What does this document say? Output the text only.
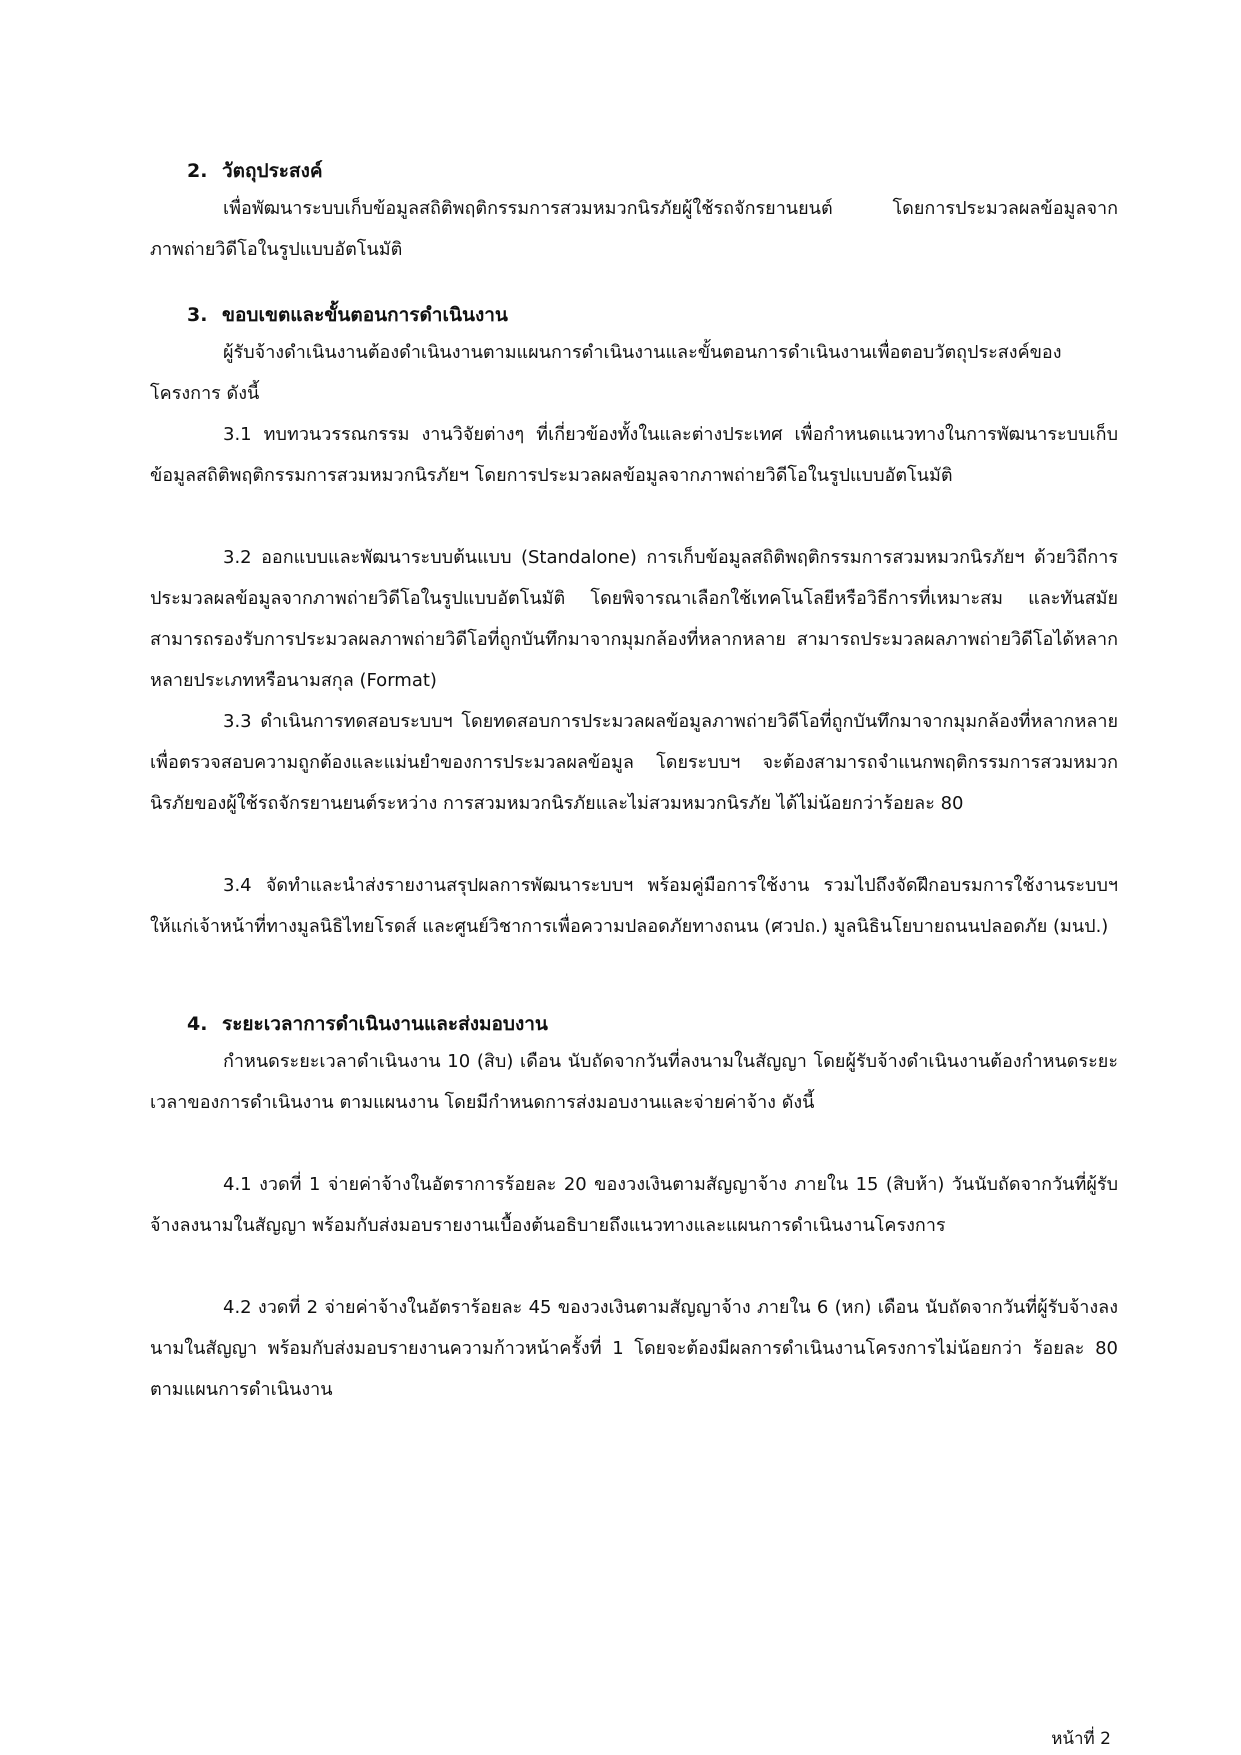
2. วัตถุประสงค์

เพื่อพัฒนาระบบเก็บข้อมูลสถิติพฤติกรรมการสวมหมวกนิรภัยผู้ใช้รถจักรยานยนต์ โดยการประมวลผลข้อมูลจากภาพถ่ายวิดีโอในรูปแบบอัตโนมัติ

3. ขอบเขตและขั้นตอนการดำเนินงาน

ผู้รับจ้างดำเนินงานต้องดำเนินงานตามแผนการดำเนินงานและขั้นตอนการดำเนินงานเพื่อตอบวัตถุประสงค์ของโครงการ ดังนี้

3.1 ทบทวนวรรณกรรม งานวิจัยต่างๆ ที่เกี่ยวข้องทั้งในและต่างประเทศ เพื่อกำหนดแนวทางในการพัฒนาระบบเก็บข้อมูลสถิติพฤติกรรมการสวมหมวกนิรภัยฯ โดยการประมวลผลข้อมูลจากภาพถ่ายวิดีโอในรูปแบบอัตโนมัติ

3.2 ออกแบบและพัฒนาระบบต้นแบบ (Standalone) การเก็บข้อมูลสถิติพฤติกรรมการสวมหมวกนิรภัยฯ ด้วยวิถีการประมวลผลข้อมูลจากภาพถ่ายวิดีโอในรูปแบบอัตโนมัติ โดยพิจารณาเลือกใช้เทคโนโลยีหรือวิธีการที่เหมาะสม และทันสมัย สามารถรองรับการประมวลผลภาพถ่ายวิดีโอที่ถูกบันทึกมาจากมุมกล้องที่หลากหลาย สามารถประมวลผลภาพถ่ายวิดีโอได้หลากหลายประเภทหรือนามสกุล (Format)

3.3 ดำเนินการทดสอบระบบฯ โดยทดสอบการประมวลผลข้อมูลภาพถ่ายวิดีโอที่ถูกบันทึกมาจากมุมกล้องที่หลากหลาย เพื่อตรวจสอบความถูกต้องและแม่นยำของการประมวลผลข้อมูล โดยระบบฯ จะต้องสามารถจำแนกพฤติกรรมการสวมหมวกนิรภัยของผู้ใช้รถจักรยานยนต์ระหว่าง การสวมหมวกนิรภัยและไม่สวมหมวกนิรภัย ได้ไม่น้อยกว่าร้อยละ 80

3.4 จัดทำและนำส่งรายงานสรุปผลการพัฒนาระบบฯ พร้อมคู่มือการใช้งาน รวมไปถึงจัดฝึกอบรมการใช้งานระบบฯ ให้แก่เจ้าหน้าที่ทางมูลนิธิไทยโรดส์ และศูนย์วิชาการเพื่อความปลอดภัยทางถนน (ศวปถ.) มูลนิธินโยบายถนนปลอดภัย (มนป.)

4. ระยะเวลาการดำเนินงานและส่งมอบงาน

กำหนดระยะเวลาดำเนินงาน 10 (สิบ) เดือน นับถัดจากวันที่ลงนามในสัญญา โดยผู้รับจ้างดำเนินงานต้องกำหนดระยะเวลาของการดำเนินงาน ตามแผนงาน โดยมีกำหนดการส่งมอบงานและจ่ายค่าจ้าง ดังนี้

4.1 งวดที่ 1 จ่ายค่าจ้างในอัตราการร้อยละ 20 ของวงเงินตามสัญญาจ้าง ภายใน 15 (สิบห้า) วันนับถัดจากวันที่ผู้รับจ้างลงนามในสัญญา พร้อมกับส่งมอบรายงานเบื้องต้นอธิบายถึงแนวทางและแผนการดำเนินงานโครงการ

4.2 งวดที่ 2 จ่ายค่าจ้างในอัตราร้อยละ 45 ของวงเงินตามสัญญาจ้าง ภายใน 6 (หก) เดือน นับถัดจากวันที่ผู้รับจ้างลงนามในสัญญา พร้อมกับส่งมอบรายงานความก้าวหน้าครั้งที่ 1 โดยจะต้องมีผลการดำเนินงานโครงการไม่น้อยกว่า ร้อยละ 80 ตามแผนการดำเนินงาน

หน้าที่ 2
